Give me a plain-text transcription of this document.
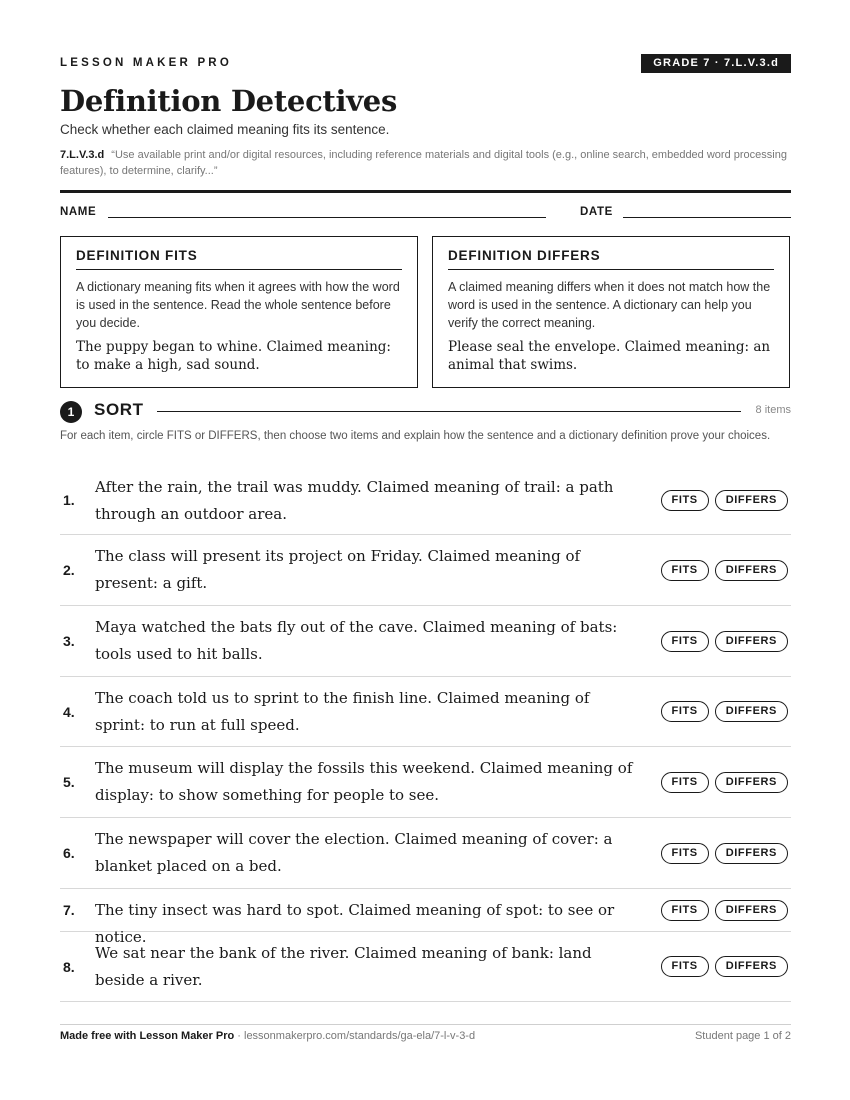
LESSON MAKER PRO	GRADE 7 · 7.L.V.3.d
Definition Detectives
Check whether each claimed meaning fits its sentence.
7.L.V.3.d “Use available print and/or digital resources, including reference materials and digital tools (e.g., online search, embedded word processing features), to determine, clarify...”
NAME	DATE
DEFINITION FITS

A dictionary meaning fits when it agrees with how the word is used in the sentence. Read the whole sentence before you decide.

The puppy began to whine. Claimed meaning: to make a high, sad sound.

DEFINITION DIFFERS

A claimed meaning differs when it does not match how the word is used in the sentence. A dictionary can help you verify the correct meaning.

Please seal the envelope. Claimed meaning: an animal that swims.

1	SORT	8 items
For each item, circle FITS or DIFFERS, then choose two items and explain how the sentence and a dictionary definition prove your choices.
1.
After the rain, the trail was muddy. Claimed meaning of trail: a path through an outdoor area.
FITS	DIFFERS
2.
The class will present its project on Friday. Claimed meaning of present: a gift.
FITS	DIFFERS
3.
Maya watched the bats fly out of the cave. Claimed meaning of bats: tools used to hit balls.
FITS	DIFFERS
4.
The coach told us to sprint to the finish line. Claimed meaning of sprint: to run at full speed.
FITS	DIFFERS
5.
The museum will display the fossils this weekend. Claimed meaning of display: to show something for people to see.
FITS	DIFFERS
6.
The newspaper will cover the election. Claimed meaning of cover: a blanket placed on a bed.
FITS	DIFFERS
7. The tiny insect was hard to spot. Claimed meaning of spot: to see or notice.
FITS	DIFFERS
8.
We sat near the bank of the river. Claimed meaning of bank: land beside a river.
FITS	DIFFERS
Made free with Lesson Maker Pro · lessonmakerpro.com/standards/ga-ela/7-l-v-3-d	Student page 1 of 2
